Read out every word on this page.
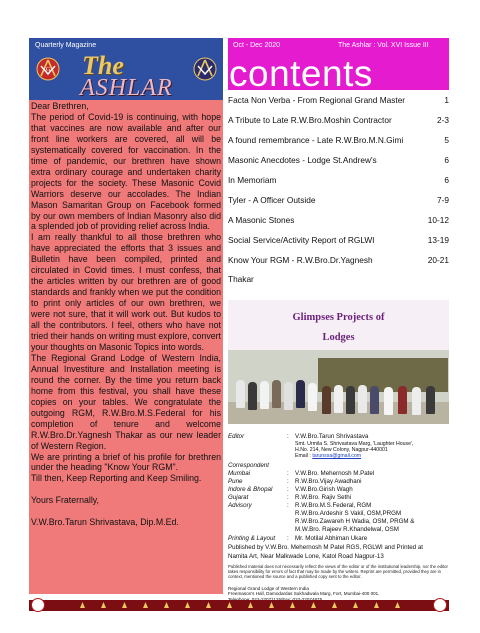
Quarterly Magazine
G The
ASHLAR

Dear Brethren,

The period of Covid-19 is continuing, with hope that vaccines are now available and after our front line workers are covered, all will be systematically covered for vaccination. In the time of pandemic, our brethren have shown extra ordinary courage and undertaken charity projects for the society. These Masonic Covid Warriors deserve our accolades. The Indian Mason Samaritan Group on Facebook formed by our own members of Indian Masonry also did a splended job of providing relief across India.

I am really thankful to all those brethren who have appreciated the efforts that 3 issues and Bulletin have been compiled, printed and circulated in Covid times. I must confess, that the articles written by our brethren are of good standards and frankly when we put the condition to print only articles of our own brethren, we were not sure, that it will work out. But kudos to all the contributors. I feel, others who have not tried their hands on writing must explore, convert your thoughts on Masonic Topics into words.

The Regional Grand Lodge of Western India, Annual Investiture and Installation meeting is round the corner. By the time you return back home from this festival, you shall have these copies on your tables. We congratulate the outgoing RGM, R.W.Bro.M.S.Federal for his completion of tenure and welcome R.W.Bro.Dr.Yagnesh Thakar as our new leader of Western Region.

We are printing a brief of his profile for brethren under the heading "Know Your RGM".

Till then, Keep Reporting and Keep Smiling.

Yours Fraternally,

V.W.Bro.Tarun Shrivastava, Dip.M.Ed.

Oct - Dec 2020	The Ashlar : Vol. XVI Issue III
contents
Facta Non Verba - From Regional Grand Master	1
A Tribute to Late R.W.Bro.Moshin Contractor	2-3
A found remembrance - Late R.W.Bro.M.N.Gimi	5
Masonic Anecdotes - Lodge St.Andrew's	6
In Memoriam	6
Tyler - A Officer Outside	7-9
A Masonic Stones	10-12
Social Service/Activity Report of RGLWI	13-19
Know Your RGM - R.W.Bro.Dr.Yagnesh	20-21
Thakar
Glimpses Projects of
Lodges
Editor	: V.W.Bro.Tarun Shrivastava
Smt. Urmila S. Shrivastava Marg, 'Laughter House',
H.No. 214, New Colony, Nagpur-440001
Email : tarunssa@gmail.com
Correspondent
Mumbai	: V.W.Bro. Mehernosh M.Patel
Pune	: R.W.Bro.Vijay Awadhani
Indore & Bhopal : V.W.Bro.Girish Wagh
Gujarat	: R.W.Bro. Rajiv Sethi
Advisory	: R.W.Bro.M.S.Federal, RGM
R.W.Bro.Ardeshir S Vakil, OSM,PRGM
R.W.Bro.Zawareh H Wadia, OSM, PRGM &
M.W.Bro. Rajeev R.Khandelwal, OSM
Printing & Layout : Mr. Motilal Abhiman Ukare
Published by V.W.Bro. Mehernosh M Patel RGS, RGLWI and Printed at
Namita Art, Near Malkwade Lone, Katol Road Nagpur-13
Published material does not necessarily reflect the views of the editor or of the institutional leadership, nor the editor takes responsibility for errors of fact that may be made by the writers. Reprint are permitted, provided they are in context, mentioned the source and a published copy sent to the editor.
Regional Grand Lodge of Western India
Freemason's Hall, Damodardas Sukhadwala Marg, Fort, Mumbai-400 001.
